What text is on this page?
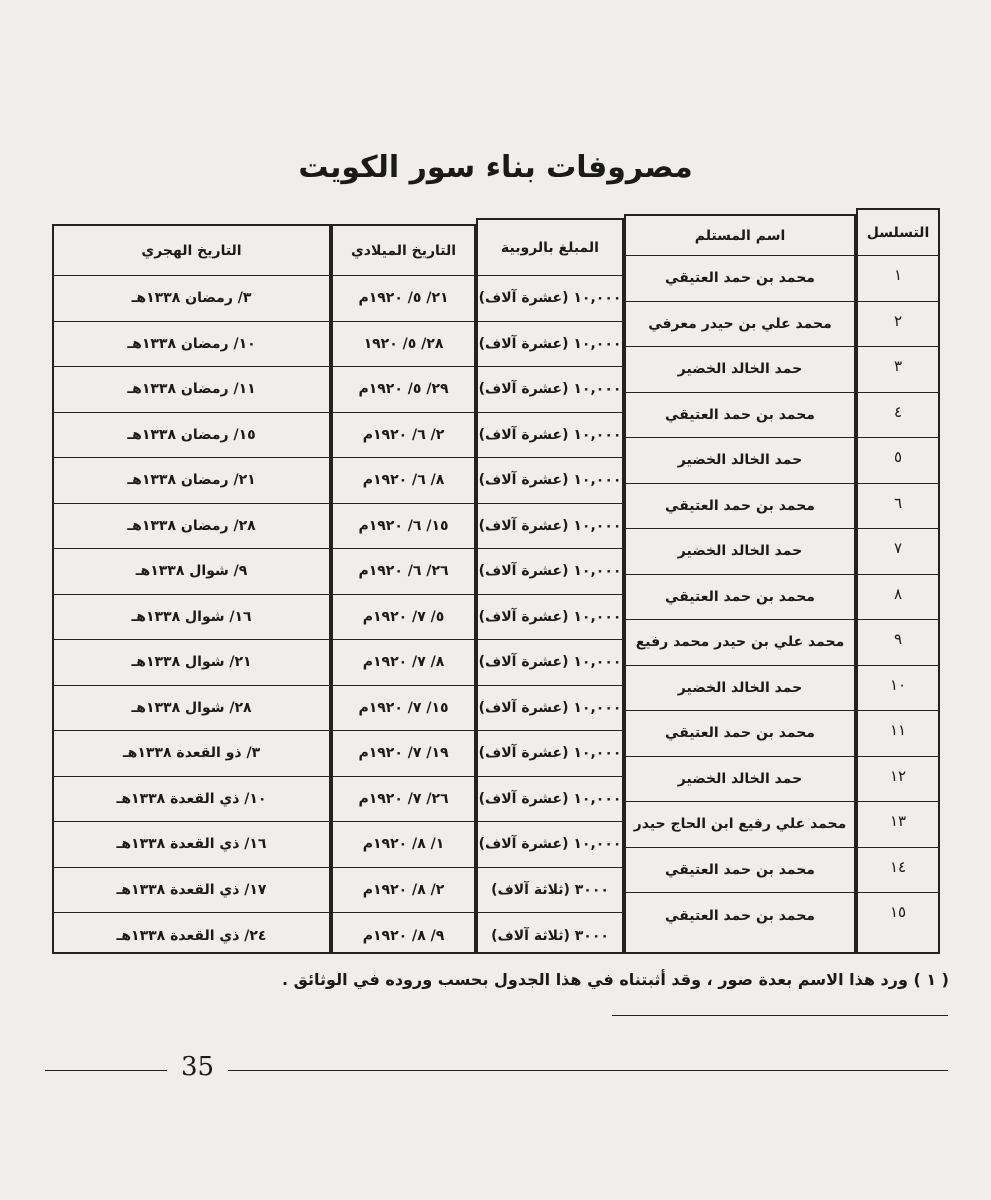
مصروفات بناء سور الكويت
التاريخ الهجري
٣/ رمضان ١٣٣٨هـ
١٠/ رمضان ١٣٣٨هـ
١١/ رمضان ١٣٣٨هـ
١٥/ رمضان ١٣٣٨هـ
٢١/ رمضان ١٣٣٨هـ
٢٨/ رمضان ١٣٣٨هـ
٩/ شوال ١٣٣٨هـ
١٦/ شوال ١٣٣٨هـ
٢١/ شوال ١٣٣٨هـ
٢٨/ شوال ١٣٣٨هـ
٣/ ذو القعدة ١٣٣٨هـ
١٠/ ذي القعدة ١٣٣٨هـ
١٦/ ذي القعدة ١٣٣٨هـ
١٧/ ذي القعدة ١٣٣٨هـ
٢٤/ ذي القعدة ١٣٣٨هـ
التاريخ الميلادي
٢١/ ٥/ ١٩٢٠م
٢٨/ ٥/ ١٩٢٠
٢٩/ ٥/ ١٩٢٠م
٢/ ٦/ ١٩٢٠م
٨/ ٦/ ١٩٢٠م
١٥/ ٦/ ١٩٢٠م
٢٦/ ٦/ ١٩٢٠م
٥/ ٧/ ١٩٢٠م
٨/ ٧/ ١٩٢٠م
١٥/ ٧/ ١٩٢٠م
١٩/ ٧/ ١٩٢٠م
٢٦/ ٧/ ١٩٢٠م
١/ ٨/ ١٩٢٠م
٢/ ٨/ ١٩٢٠م
٩/ ٨/ ١٩٢٠م
المبلغ بالروبية
١٠,٠٠٠ (عشرة آلاف)
١٠,٠٠٠ (عشرة آلاف)
١٠,٠٠٠ (عشرة آلاف)
١٠,٠٠٠ (عشرة آلاف)
١٠,٠٠٠ (عشرة آلاف)
١٠,٠٠٠ (عشرة آلاف)
١٠,٠٠٠ (عشرة آلاف)
١٠,٠٠٠ (عشرة آلاف)
١٠,٠٠٠ (عشرة آلاف)
١٠,٠٠٠ (عشرة آلاف)
١٠,٠٠٠ (عشرة آلاف)
١٠,٠٠٠ (عشرة آلاف)
١٠,٠٠٠ (عشرة آلاف)
٣٠٠٠ (ثلاثة آلاف)
٣٠٠٠ (ثلاثة آلاف)
اسم المستلم
محمد بن حمد العتيقي
محمد علي بن حيدر معرفي
حمد الخالد الخضير
محمد بن حمد العتيقي
حمد الخالد الخضير
محمد بن حمد العتيقي
حمد الخالد الخضير
محمد بن حمد العتيقي
محمد علي بن حيدر محمد رفيع
حمد الخالد الخضير
محمد بن حمد العتيقي
حمد الخالد الخضير
محمد علي رفيع ابن الحاج حيدر
محمد بن حمد العتيقي
محمد بن حمد العتيقي
التسلسل
١
٢
٣
٤
٥
٦
٧
٨
٩
١٠
١١
١٢
١٣
١٤
١٥
( ١ ) ورد هذا الاسم بعدة صور ، وقد أثبتناه في هذا الجدول بحسب وروده في الوثائق .
35
